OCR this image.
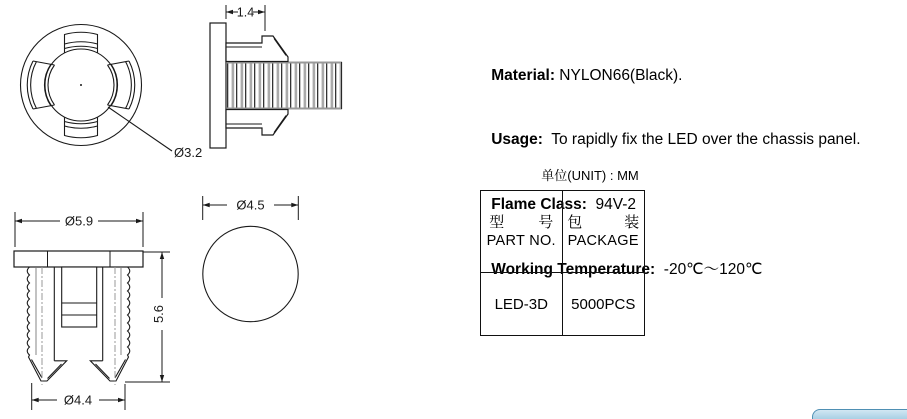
Ø3.2
1.4

Material: NYLON66(Black).

Usage:  To rapidly fix the LED over the chassis panel.

Flame Class:  94V-2

Working Temperature:  -20℃～120℃

单位(UNIT) : MM
型 号
PART NO.
包	装
PACKAGE
LED-3D	5000PCS
Ø5.9
5.6
Ø4.4
Ø4.5
